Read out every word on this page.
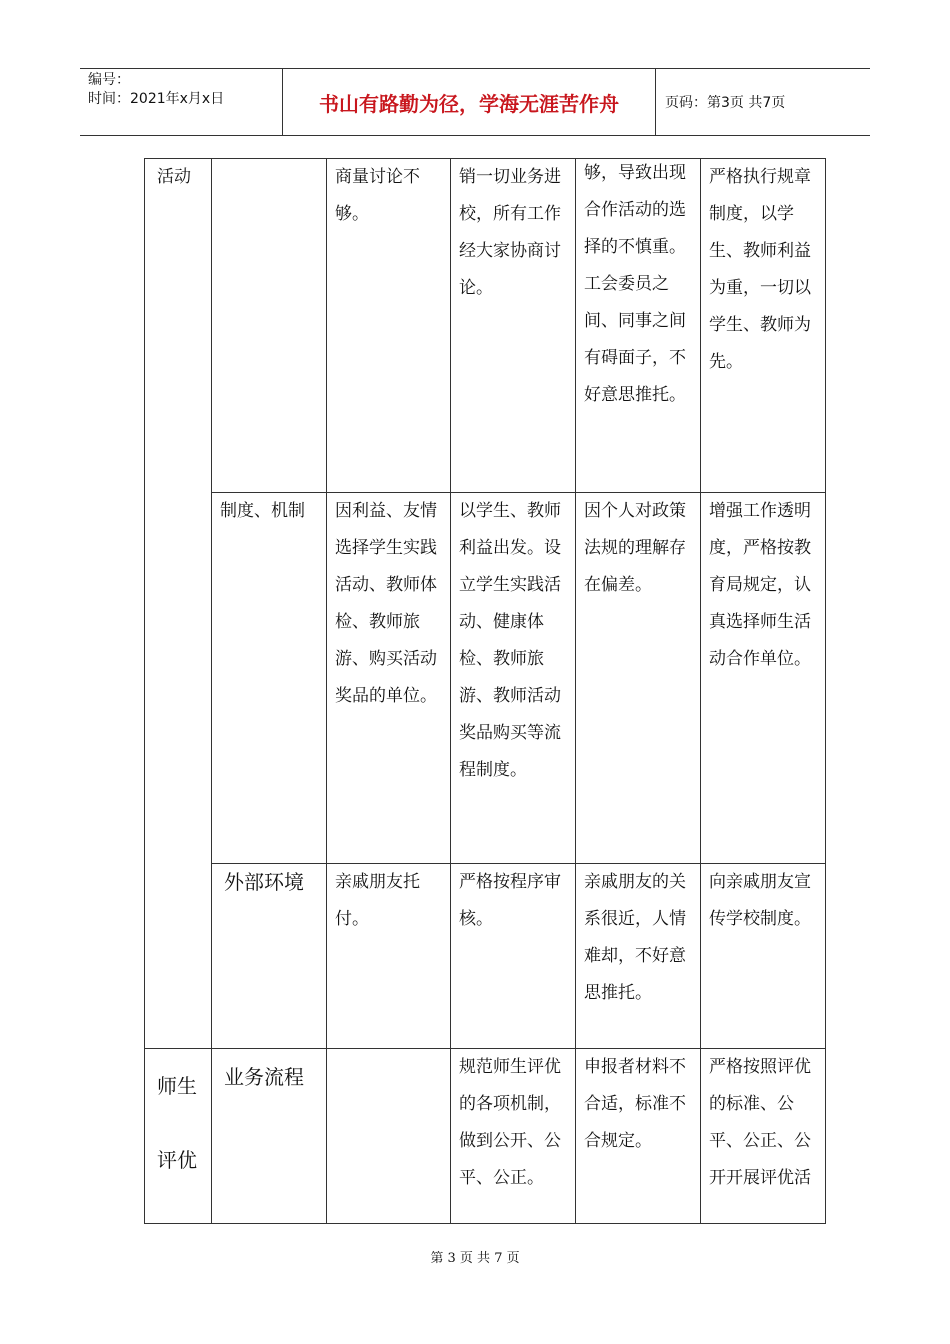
编号：
时间：2021年x月x日	书山有路勤为径，学海无涯苦作舟	页码：第3页 共7页
活动		商量讨论不够。	销一切业务进校，所有工作经大家协商讨论。	够，导致出现合作活动的选择的不慎重。工会委员之间、同事之间有碍面子，不好意思推托。	严格执行规章制度，以学生、教师利益为重，一切以学生、教师为先。
	制度、机制	因利益、友情选择学生实践活动、教师体检、教师旅游、购买活动奖品的单位。	以学生、教师利益出发。设立学生实践活动、健康体检、教师旅游、教师活动奖品购买等流程制度。	因个人对政策法规的理解存在偏差。	增强工作透明度，严格按教育局规定，认真选择师生活动合作单位。
	外部环境	亲戚朋友托付。	严格按程序审核。	亲戚朋友的关系很近，人情难却，不好意思推托。	向亲戚朋友宣传学校制度。
师生评优	业务流程		规范师生评优的各项机制，做到公开、公平、公正。	申报者材料不合适，标准不合规定。	严格按照评优的标准、公平、公正、公开开展评优活
第 3 页 共 7 页
